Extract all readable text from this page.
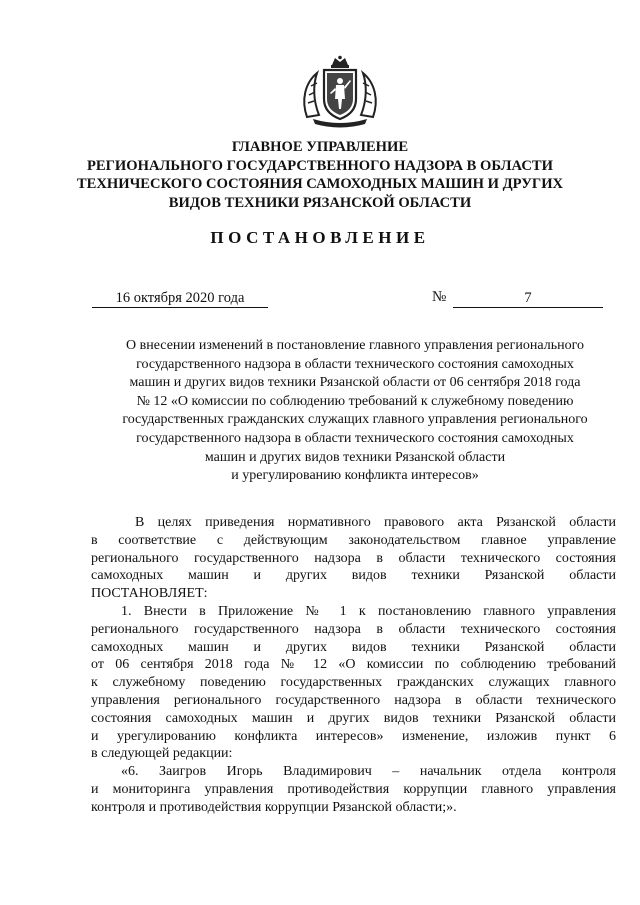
ГЛАВНОЕ УПРАВЛЕНИЕ
РЕГИОНАЛЬНОГО ГОСУДАРСТВЕННОГО НАДЗОРА В ОБЛАСТИ
ТЕХНИЧЕСКОГО СОСТОЯНИЯ САМОХОДНЫХ МАШИН И ДРУГИХ
ВИДОВ ТЕХНИКИ РЯЗАНСКОЙ ОБЛАСТИ
ПОСТАНОВЛЕНИЕ
16 октября 2020 года	№	7
О внесении изменений в постановление главного управления регионального
государственного надзора в области технического состояния самоходных
машин и других видов техники Рязанской области от 06 сентября 2018 года
№ 12 «О комиссии по соблюдению требований к служебному поведению
государственных гражданских служащих главного управления регионального
государственного надзора в области технического состояния самоходных
машин и других видов техники Рязанской области
и урегулированию конфликта интересов»

В целях приведения нормативного правового акта Рязанской области

в соответствие с действующим законодательством главное управление

регионального государственного надзора в области технического состояния

самоходных машин и других видов техники Рязанской области

ПОСТАНОВЛЯЕТ:

1. Внести в Приложение № 1 к постановлению главного управления

регионального государственного надзора в области технического состояния

самоходных машин и других видов техники Рязанской области

от 06 сентября 2018 года № 12 «О комиссии по соблюдению требований

к служебному поведению государственных гражданских служащих главного

управления регионального государственного надзора в области технического

состояния самоходных машин и других видов техники Рязанской области

и урегулированию конфликта интересов» изменение, изложив пункт 6

в следующей редакции:

«6. Заигров Игорь Владимирович – начальник отдела контроля

и мониторинга управления противодействия коррупции главного управления

контроля и противодействия коррупции Рязанской области;».
